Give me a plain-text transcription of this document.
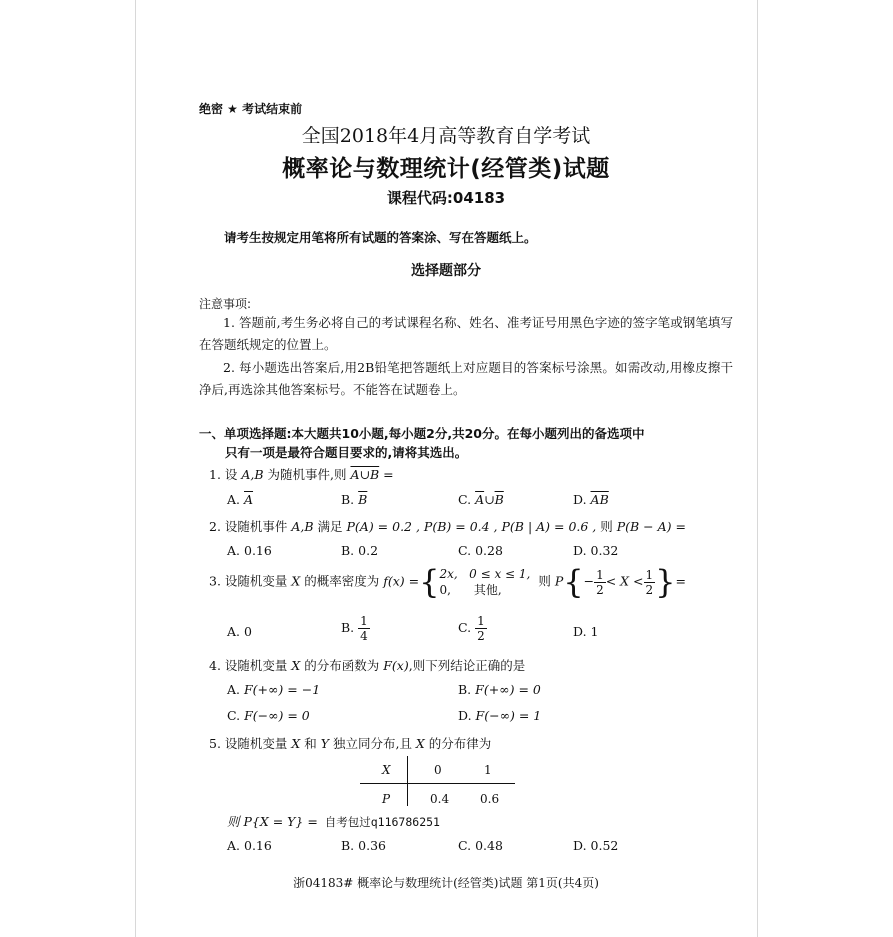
绝密 ★ 考试结束前
全国2018年4月高等教育自学考试
概率论与数理统计(经管类)试题
课程代码:04183
请考生按规定用笔将所有试题的答案涂、写在答题纸上。
选择题部分
注意事项:
1. 答题前,考生务必将自己的考试课程名称、姓名、准考证号用黑色字迹的签字笔或钢笔填写在答题纸规定的位置上。
2. 每小题选出答案后,用2B铅笔把答题纸上对应题目的答案标号涂黑。如需改动,用橡皮擦干净后,再选涂其他答案标号。不能答在试题卷上。
一、单项选择题:本大题共10小题,每小题2分,共20分。在每小题列出的备选项中
只有一项是最符合题目要求的,请将其选出。
1. 设 A,B 为随机事件,则 A∪B =
A. $\overline{A}$	B. $\overline{B}$	C. $\overline{A}\cup\overline{B}$	D. $\overline{AB}$
2. 设随机事件 A,B 满足 P(A) = 0.2 , P(B) = 0.4 , P(B | A) = 0.6 , 则 P(B − A) =
A. 0.16	B. 0.2	C. 0.28	D. 0.32
3. 设随机变量 X 的概率密度为 f(x) ={ 2x, 0 ≤ x ≤ 1,
0, 其他,
则 $P\{- \frac{1}{2} < X < \frac{1}{2}$ }=
A. 0	B. $\frac{1}{4}$	C. $\frac{1}{2}$	D. 1
4. 设随机变量 X 的分布函数为 F(x),则下列结论正确的是
A. F(+∞) = −1	B. F(+∞) = 0
C. F(−∞) = 0	D. F(−∞) = 1
5. 设随机变量 X 和 Y 独立同分布,且 X 的分布律为
X	0	1
P	0.4	0.6
则 P{X = Y} = 自考包过q116786251
A. 0.16	B. 0.36	C. 0.48	D. 0.52
浙04183# 概率论与数理统计(经管类)试题 第1页(共4页)
